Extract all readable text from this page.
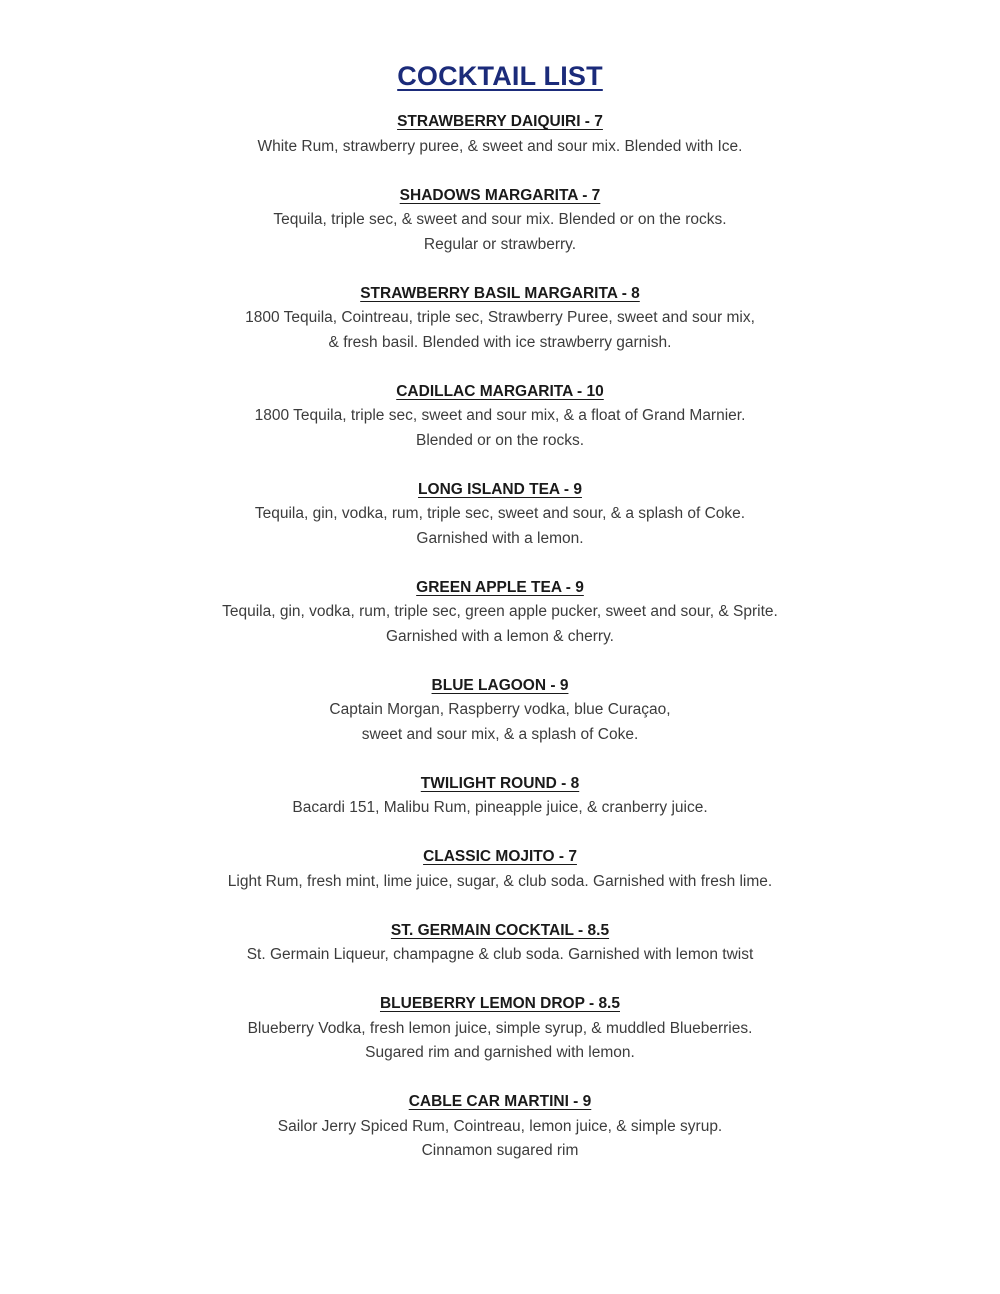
COCKTAIL LIST
STRAWBERRY DAIQUIRI - 7
White Rum, strawberry puree, & sweet and sour mix. Blended with Ice.
SHADOWS MARGARITA - 7
Tequila, triple sec, & sweet and sour mix. Blended or on the rocks.
Regular or strawberry.
STRAWBERRY BASIL MARGARITA - 8
1800 Tequila, Cointreau, triple sec, Strawberry Puree, sweet and sour mix,
& fresh basil. Blended with ice strawberry garnish.
CADILLAC MARGARITA - 10
1800 Tequila, triple sec, sweet and sour mix, & a float of Grand Marnier.
Blended or on the rocks.
LONG ISLAND TEA - 9
Tequila, gin, vodka, rum, triple sec, sweet and sour, & a splash of Coke.
Garnished with a lemon.
GREEN APPLE TEA - 9
Tequila, gin, vodka, rum, triple sec, green apple pucker, sweet and sour, & Sprite.
Garnished with a lemon & cherry.
BLUE LAGOON - 9
Captain Morgan, Raspberry vodka, blue Curaçao,
sweet and sour mix, & a splash of Coke.
TWILIGHT ROUND - 8
Bacardi 151, Malibu Rum, pineapple juice, & cranberry juice.
CLASSIC MOJITO - 7
Light Rum, fresh mint, lime juice, sugar, & club soda. Garnished with fresh lime.
ST. GERMAIN COCKTAIL - 8.5
St. Germain Liqueur, champagne & club soda. Garnished with lemon twist
BLUEBERRY LEMON DROP - 8.5
Blueberry Vodka, fresh lemon juice, simple syrup, & muddled Blueberries.
Sugared rim and garnished with lemon.
CABLE CAR MARTINI - 9
Sailor Jerry Spiced Rum, Cointreau, lemon juice, & simple syrup.
Cinnamon sugared rim
